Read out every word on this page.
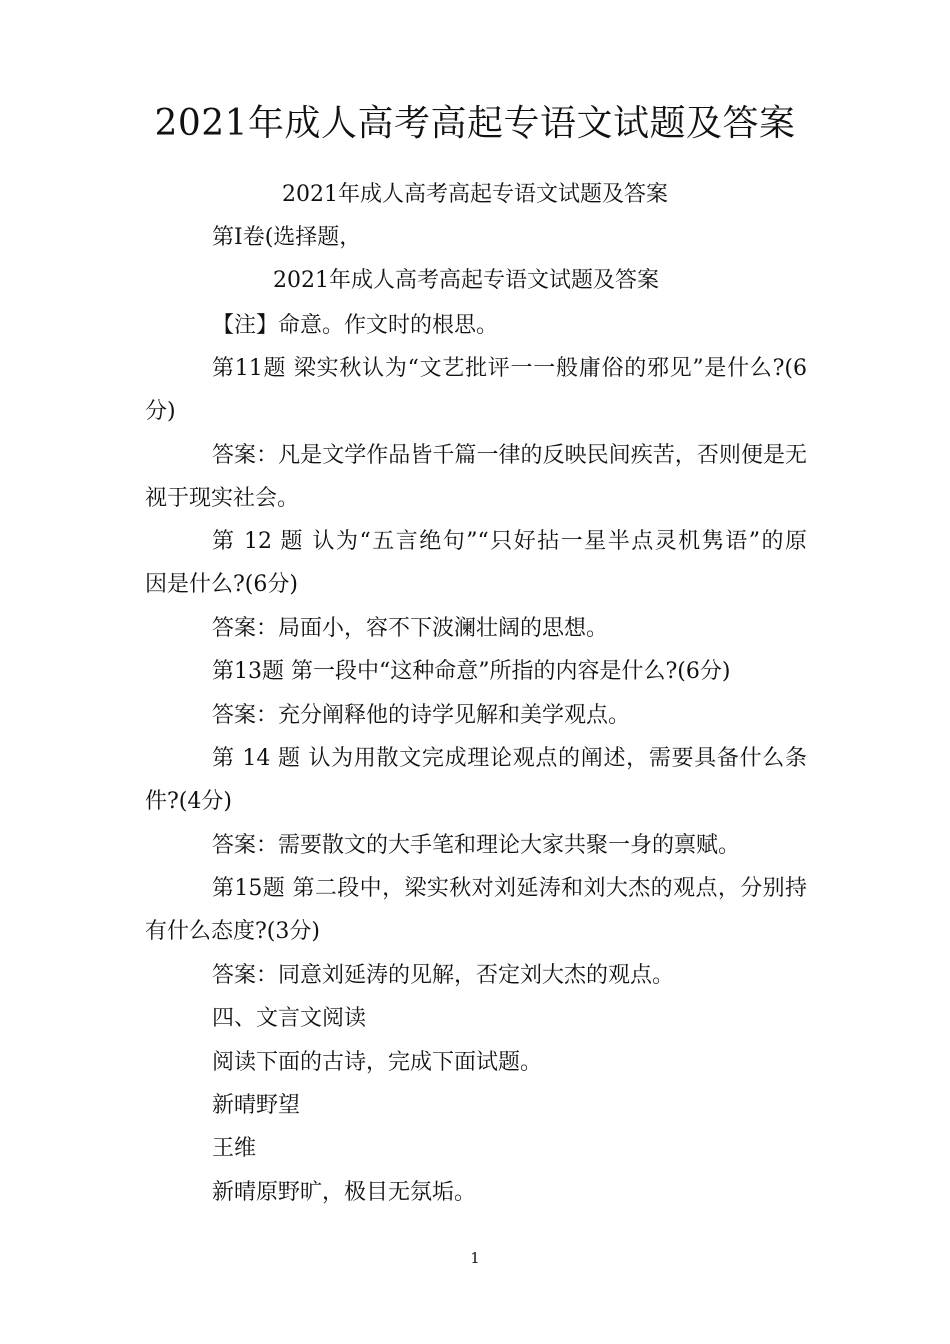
2021年成人高考高起专语文试题及答案
2021年成人高考高起专语文试题及答案
第I卷(选择题，
2021年成人高考高起专语文试题及答案
【注】命意。作文时的根思。
第11题 梁实秋认为“文艺批评一一般庸俗的邪见”是什么?(6
分)
答案：凡是文学作品皆千篇一律的反映民间疾苦，否则便是无
视于现实社会。
第 12 题 认为“五言绝句”“只好拈一星半点灵机隽语”的原
因是什么?(6分)
答案：局面小，容不下波澜壮阔的思想。
第13题 第一段中“这种命意”所指的内容是什么?(6分)
答案：充分阐释他的诗学见解和美学观点。
第 14 题 认为用散文完成理论观点的阐述，需要具备什么条
件?(4分)
答案：需要散文的大手笔和理论大家共聚一身的禀赋。
第15题 第二段中，梁实秋对刘延涛和刘大杰的观点，分别持
有什么态度?(3分)
答案：同意刘延涛的见解，否定刘大杰的观点。
四、文言文阅读
阅读下面的古诗，完成下面试题。
新晴野望
王维
新晴原野旷，极目无氛垢。
1
